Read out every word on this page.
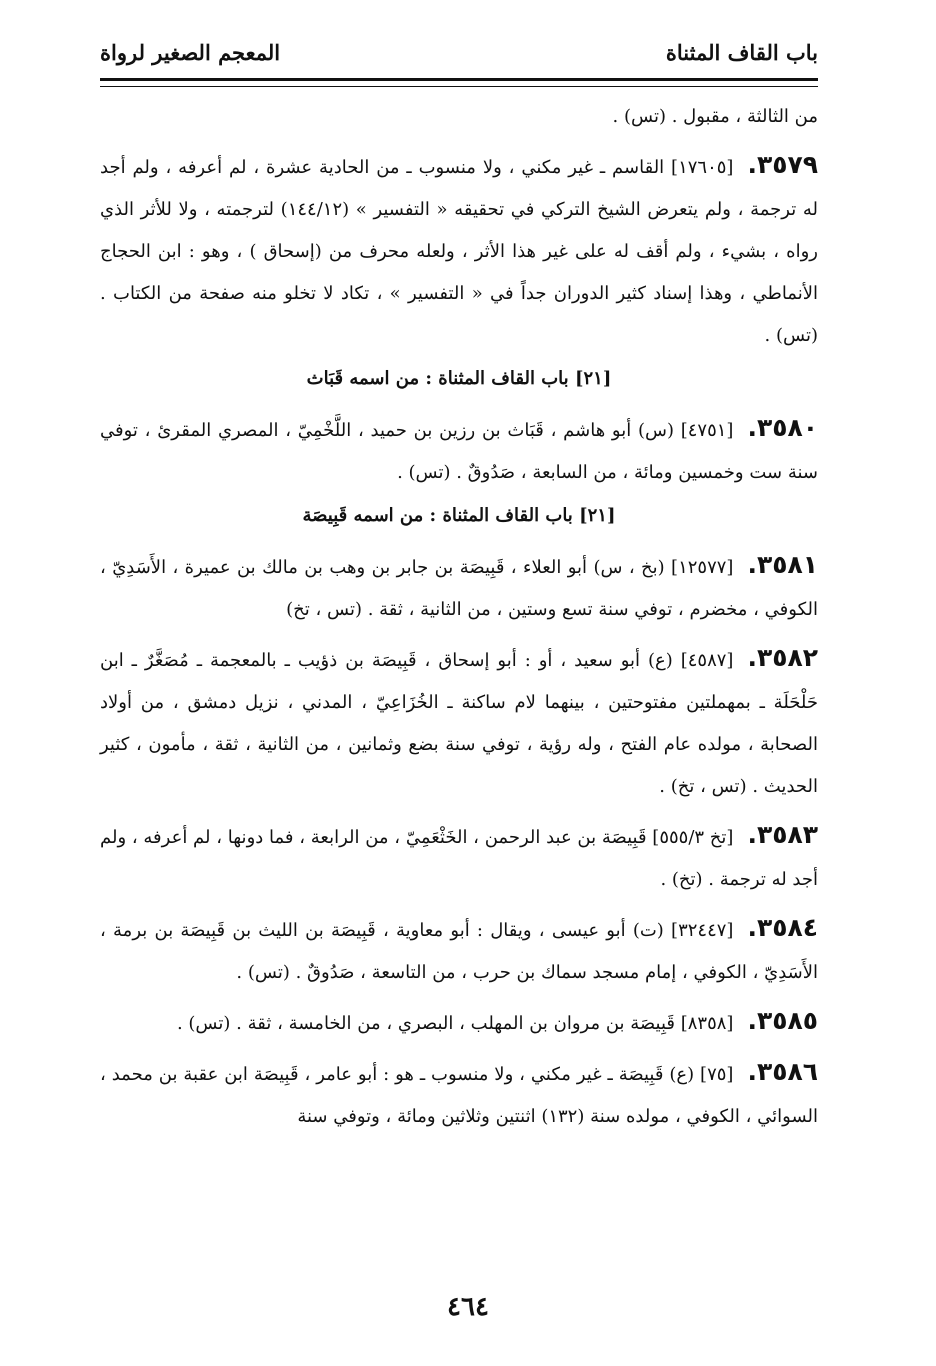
باب القاف المثناة
المعجم الصغير لرواة

من الثالثة ، مقبول . (تس) .

٣٥٧٩.[١٧٦٠٥] القاسم ـ غير مكني ، ولا منسوب ـ من الحادية عشرة ، لم أعرفه ، ولم أجد له ترجمة ، ولم يتعرض الشيخ التركي في تحقيقه « التفسير » (١٤٤/١٢) لترجمته ، ولا للأثر الذي رواه ، بشيء ، ولم أقف له على غير هذا الأثر ، ولعله محرف من (إسحاق ) ، وهو : ابن الحجاج الأنماطي ، وهذا إسناد كثير الدوران جداً في « التفسير » ، تكاد لا تخلو منه صفحة من الكتاب . (تس) .

[٢١] باب القاف المثناة : من اسمه قَبَاث

٣٥٨٠.[٤٧٥١] (س) أبو هاشم ، قَبَاث بن رزين بن حميد ، اللَّخْمِيّ ، المصري المقرئ ، توفي سنة ست وخمسين ومائة ، من السابعة ، صَدُوقٌ . (تس) .

[٢١] باب القاف المثناة : من اسمه قَبِيصَة

٣٥٨١.[١٢٥٧٧] (بخ ، س) أبو العلاء ، قَبِيصَة بن جابر بن وهب بن مالك بن عميرة ، الأَسَدِيّ ، الكوفي ، مخضرم ، توفي سنة تسع وستين ، من الثانية ، ثقة . (تس ، تخ)

٣٥٨٢.[٤٥٨٧] (ع) أبو سعيد ، أو : أبو إسحاق ، قَبِيصَة بن ذؤيب ـ بالمعجمة ـ مُصَغَّرٌ ـ ابن حَلْحَلَة ـ بمهملتين مفتوحتين ، بينهما لام ساكنة ـ الخُزَاعِيّ ، المدني ، نزيل دمشق ، من أولاد الصحابة ، مولده عام الفتح ، وله رؤية ، توفي سنة بضع وثمانين ، من الثانية ، ثقة ، مأمون ، كثير الحديث . (تس ، تخ) .

٣٥٨٣.[تخ ٥٥٥/٣] قَبِيصَة بن عبد الرحمن ، الخَثْعَمِيّ ، من الرابعة ، فما دونها ، لم أعرفه ، ولم أجد له ترجمة . (تخ) .

٣٥٨٤.[٣٢٤٤٧] (ت) أبو عيسى ، ويقال : أبو معاوية ، قَبِيصَة بن الليث بن قَبِيصَة بن برمة ، الأَسَدِيّ ، الكوفي ، إمام مسجد سماك بن حرب ، من التاسعة ، صَدُوقٌ . (تس) .

٣٥٨٥.[٨٣٥٨] قَبِيصَة بن مروان بن المهلب ، البصري ، من الخامسة ، ثقة . (تس) .

٣٥٨٦.[٧٥] (ع) قَبِيصَة ـ غير مكني ، ولا منسوب ـ هو : أبو عامر ، قَبِيصَة ابن عقبة بن محمد ، السوائي ، الكوفي ، مولده سنة (١٣٢) اثنتين وثلاثين ومائة ، وتوفي سنة

٤٦٤
